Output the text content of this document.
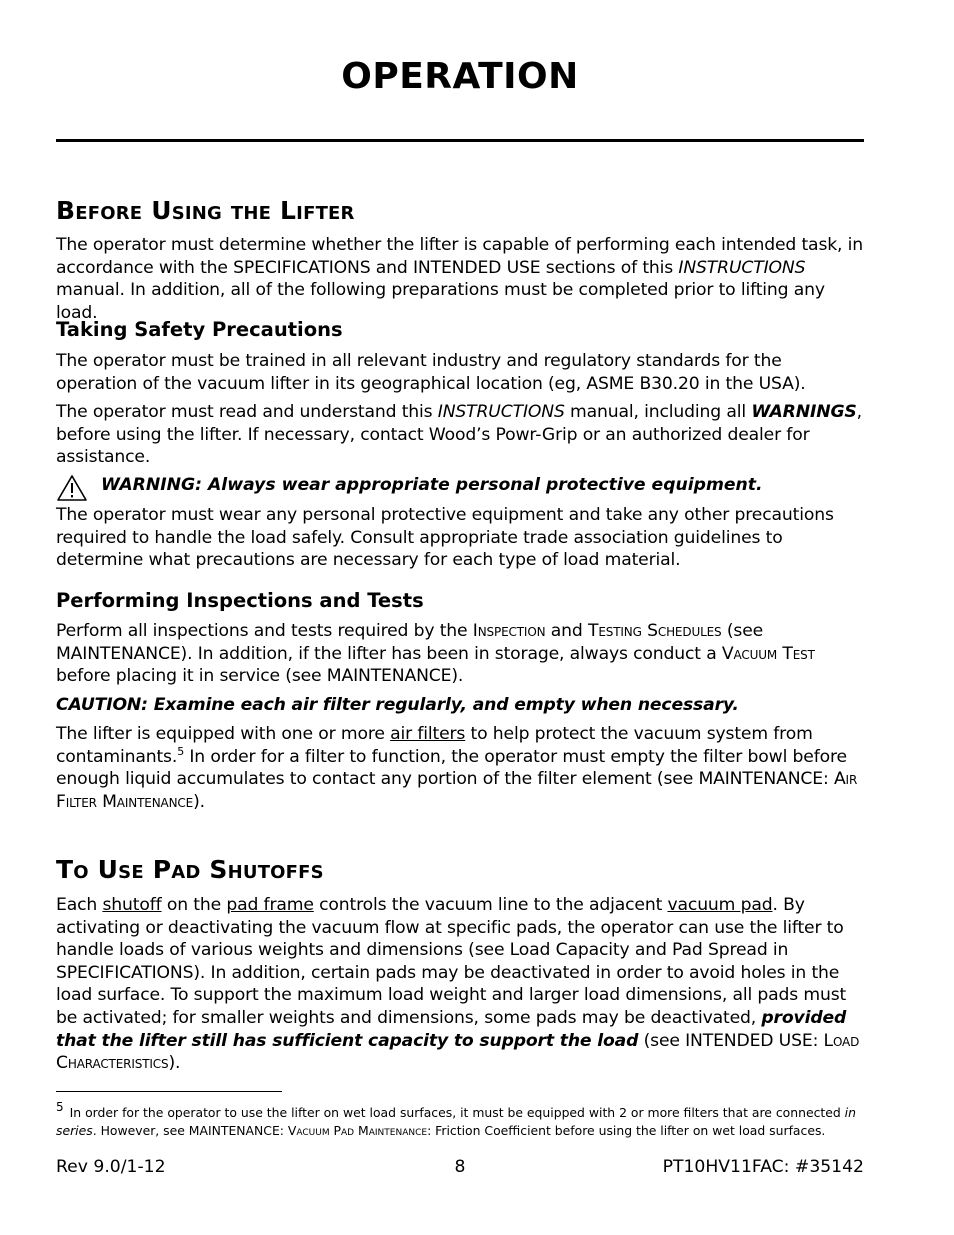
OPERATION
Before Using the Lifter
The operator must determine whether the lifter is capable of performing each intended task, in accordance with the SPECIFICATIONS and INTENDED USE sections of this INSTRUCTIONS manual. In addition, all of the following preparations must be completed prior to lifting any load.
Taking Safety Precautions
The operator must be trained in all relevant industry and regulatory standards for the operation of the vacuum lifter in its geographical location (eg, ASME B30.20 in the USA).
The operator must read and understand this INSTRUCTIONS manual, including all WARNINGS, before using the lifter. If necessary, contact Wood’s Powr-Grip or an authorized dealer for assistance.
WARNING: Always wear appropriate personal protective equipment.
The operator must wear any personal protective equipment and take any other precautions required to handle the load safely. Consult appropriate trade association guidelines to determine what precautions are necessary for each type of load material.
Performing Inspections and Tests
Perform all inspections and tests required by the Inspection and Testing Schedules (see MAINTENANCE). In addition, if the lifter has been in storage, always conduct a Vacuum Test before placing it in service (see MAINTENANCE).
CAUTION: Examine each air filter regularly, and empty when necessary.
The lifter is equipped with one or more air filters to help protect the vacuum system from contaminants.$^5$ In order for a filter to function, the operator must empty the filter bowl before enough liquid accumulates to contact any portion of the filter element (see MAINTENANCE: Air Filter Maintenance).
To Use Pad Shutoffs
Each shutoff on the pad frame controls the vacuum line to the adjacent vacuum pad. By activating or deactivating the vacuum flow at specific pads, the operator can use the lifter to handle loads of various weights and dimensions (see Load Capacity and Pad Spread in SPECIFICATIONS). In addition, certain pads may be deactivated in order to avoid holes in the load surface. To support the maximum load weight and larger load dimensions, all pads must be activated; for smaller weights and dimensions, some pads may be deactivated, provided that the lifter still has sufficient capacity to support the load (see INTENDED USE: Load Characteristics).
$^5$ In order for the operator to use the lifter on wet load surfaces, it must be equipped with 2 or more filters that are connected in series. However, see MAINTENANCE: Vacuum Pad Maintenance: Friction Coefficient before using the lifter on wet load surfaces.
Rev 9.0/1-12	8	PT10HV11FAC: #35142
